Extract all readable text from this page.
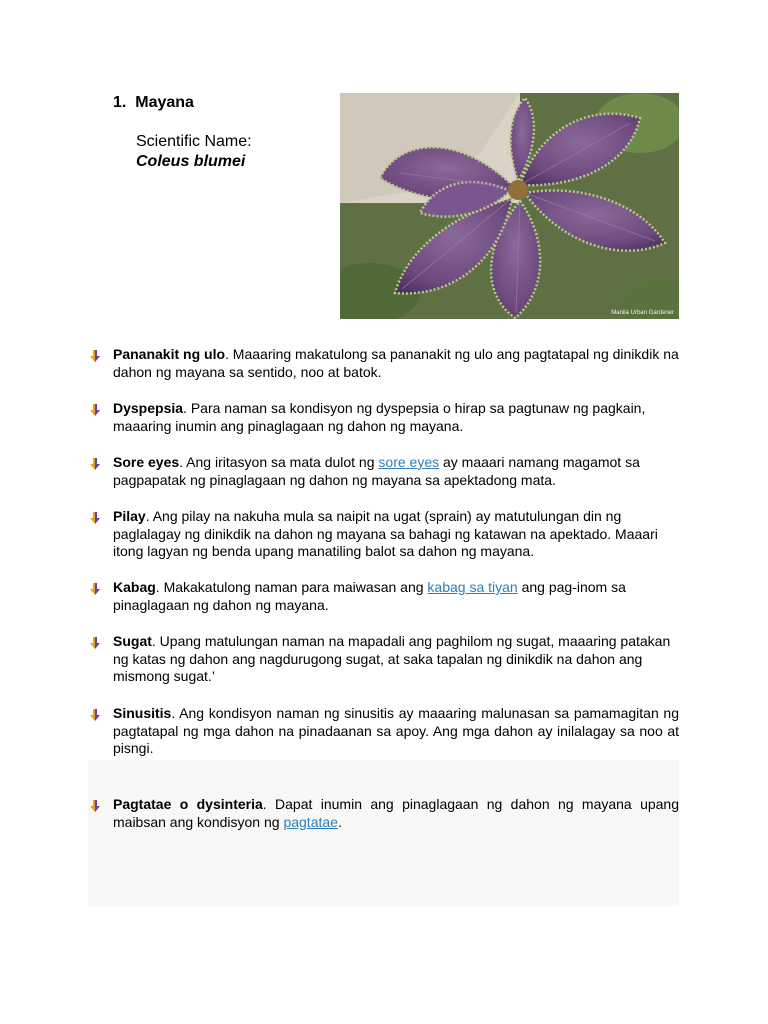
1. Mayana

Scientific Name:

Coleus blumei

Manila Urban Gardener
Pananakit ng ulo. Maaaring makatulong sa pananakit ng ulo ang pagtatapal ng dinikdik na dahon ng mayana sa sentido, noo at batok.
Dyspepsia. Para naman sa kondisyon ng dyspepsia o hirap sa pagtunaw ng pagkain, maaaring inumin ang pinaglagaan ng dahon ng mayana.
Sore eyes. Ang iritasyon sa mata dulot ng sore eyes ay maaari namang magamot sa pagpapatak ng pinaglagaan ng dahon ng mayana sa apektadong mata.
Pilay. Ang pilay na nakuha mula sa naipit na ugat (sprain) ay matutulungan din ng paglalagay ng dinikdik na dahon ng mayana sa bahagi ng katawan na apektado. Maaari itong lagyan ng benda upang manatiling balot sa dahon ng mayana.
Kabag. Makakatulong naman para maiwasan ang kabag sa tiyan ang pag-inom sa pinaglagaan ng dahon ng mayana.
Sugat. Upang matulungan naman na mapadali ang paghilom ng sugat, maaaring patakan ng katas ng dahon ang nagdurugong sugat, at saka tapalan ng dinikdik na dahon ang mismong sugat.’
Sinusitis. Ang kondisyon naman ng sinusitis ay maaaring malunasan sa pamamagitan ng pagtatapal ng mga dahon na pinadaanan sa apoy. Ang mga dahon ay inilalagay sa noo at pisngi.
Pagtatae o dysinteria. Dapat inumin ang pinaglagaan ng dahon ng mayana upang maibsan ang kondisyon ng pagtatae.
